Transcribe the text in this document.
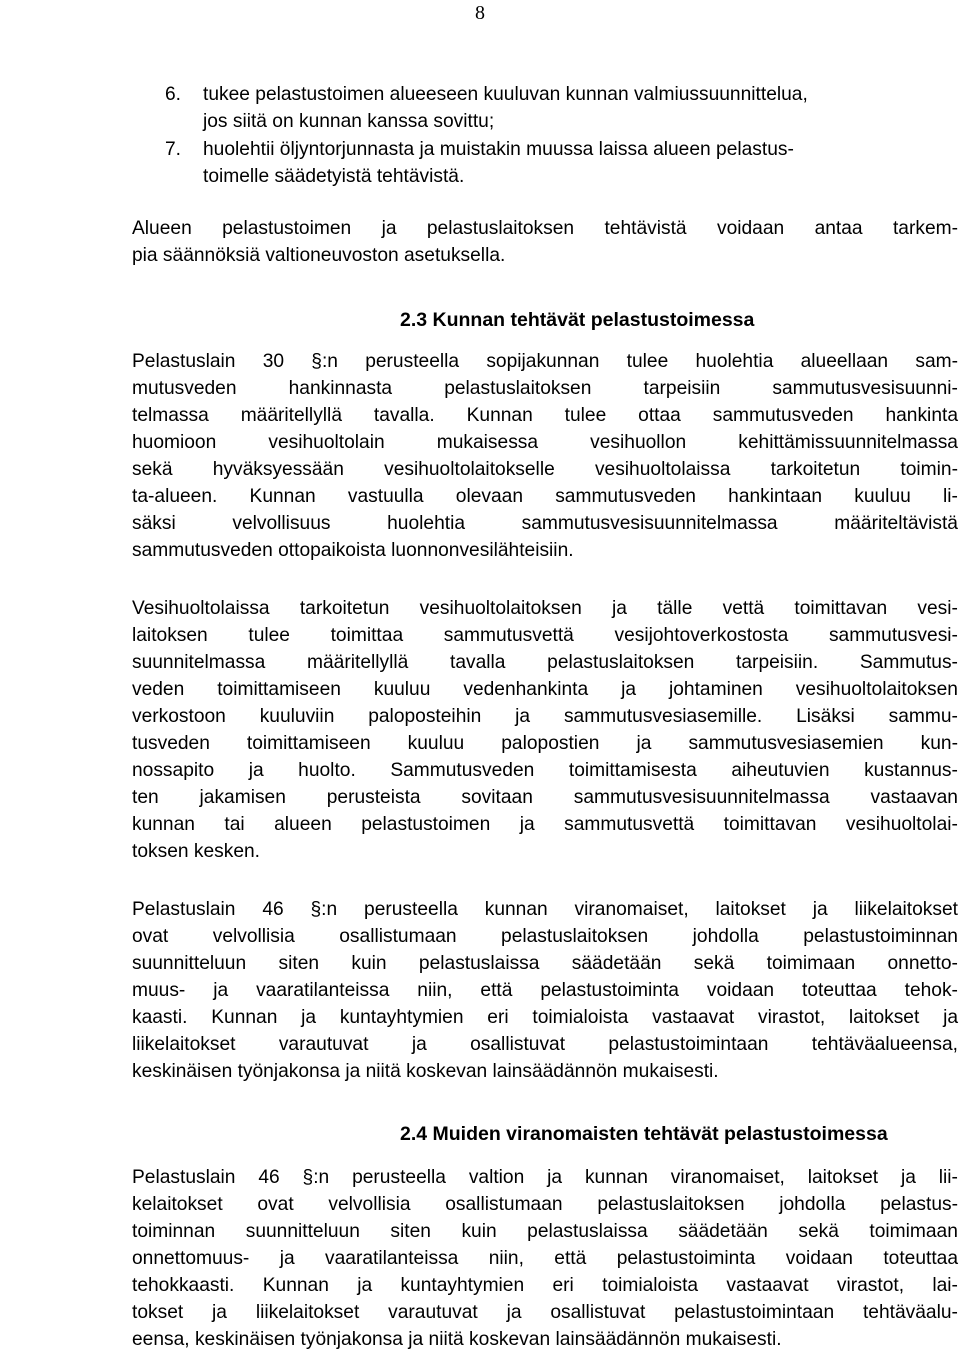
8
6. tukee pelastustoimen alueeseen kuuluvan kunnan valmiussuunnittelua,
jos siitä on kunnan kanssa sovittu;
7. huolehtii öljyntorjunnasta ja muistakin muussa laissa alueen pelastus-
toimelle säädetyistä tehtävistä.
Alueen pelastustoimen ja pelastuslaitoksen tehtävistä voidaan antaa tarkem-
pia säännöksiä valtioneuvoston asetuksella.
2.3 Kunnan tehtävät pelastustoimessa
Pelastuslain 30 §:n perusteella sopijakunnan tulee huolehtia alueellaan sam-
mutusveden	hankinnasta	pelastuslaitoksen	tarpeisiin	sammutusvesisuunni-
telmassa määritellyllä tavalla. Kunnan tulee ottaa sammutusveden hankinta
huomioon	vesihuoltolain	mukaisessa	vesihuollon	kehittämissuunnitelmassa
sekä hyväksyessään vesihuoltolaitokselle vesihuoltolaissa tarkoitetun toimin-
ta-alueen. Kunnan vastuulla olevaan sammutusveden hankintaan kuuluu li-
säksi	velvollisuus	huolehtia	sammutusvesisuunnitelmassa	määriteltävistä
sammutusveden ottopaikoista luonnonvesilähteisiin.
Vesihuoltolaissa tarkoitetun vesihuoltolaitoksen ja tälle vettä toimittavan vesi-
laitoksen tulee toimittaa sammutusvettä vesijohtoverkostosta sammutusvesi-
suunnitelmassa määritellyllä tavalla pelastuslaitoksen tarpeisiin. Sammutus-
veden toimittamiseen kuuluu vedenhankinta ja johtaminen vesihuoltolaitoksen
verkostoon kuuluviin paloposteihin ja sammutusvesiasemille. Lisäksi sammu-
tusveden toimittamiseen kuuluu palopostien ja sammutusvesiasemien kun-
nossapito ja huolto. Sammutusveden toimittamisesta aiheutuvien kustannus-
ten jakamisen perusteista sovitaan sammutusvesisuunnitelmassa vastaavan
kunnan tai alueen pelastustoimen ja sammutusvettä toimittavan vesihuoltolai-
toksen kesken.
Pelastuslain 46 §:n perusteella kunnan viranomaiset, laitokset ja liikelaitokset
ovat velvollisia osallistumaan pelastuslaitoksen johdolla pelastustoiminnan
suunnitteluun siten kuin pelastuslaissa säädetään sekä toimimaan onnetto-
muus- ja vaaratilanteissa niin, että pelastustoiminta voidaan toteuttaa tehok-
kaasti. Kunnan ja kuntayhtymien eri toimialoista vastaavat virastot, laitokset ja
liikelaitokset varautuvat ja osallistuvat pelastustoimintaan tehtäväalueensa,
keskinäisen työnjakonsa ja niitä koskevan lainsäädännön mukaisesti.
2.4 Muiden viranomaisten tehtävät pelastustoimessa
Pelastuslain 46 §:n perusteella valtion ja kunnan viranomaiset, laitokset ja lii-
kelaitokset ovat velvollisia osallistumaan pelastuslaitoksen johdolla pelastus-
toiminnan suunnitteluun siten kuin pelastuslaissa säädetään sekä toimimaan
onnettomuus- ja vaaratilanteissa niin, että pelastustoiminta voidaan toteuttaa
tehokkaasti. Kunnan ja kuntayhtymien eri toimialoista vastaavat virastot, lai-
tokset ja liikelaitokset varautuvat ja osallistuvat pelastustoimintaan tehtäväalu-
eensa, keskinäisen työnjakonsa ja niitä koskevan lainsäädännön mukaisesti.
